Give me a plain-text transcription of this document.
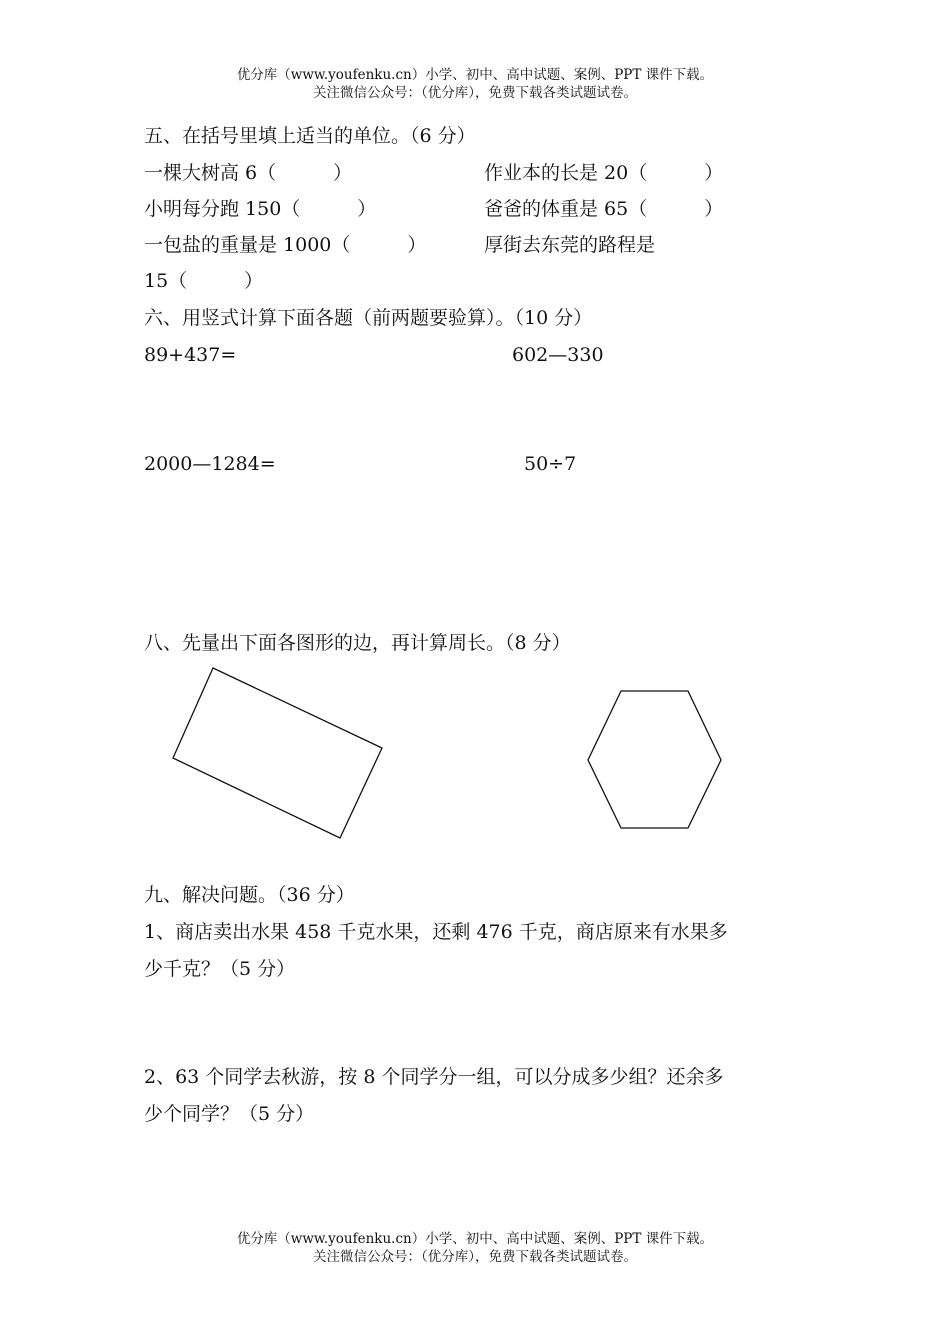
优分库（www.youfenku.cn）小学、初中、高中试题、案例、PPT 课件下载。
关注微信公众号：（优分库），免费下载各类试题试卷。
五、在括号里填上适当的单位。（6 分）
一棵大树高 6（　　　）	作业本的长是 20（　　　）
小明每分跑 150（　　　）	爸爸的体重是 65（　　　）
一包盐的重量是 1000（　　　）	厚街去东莞的路程是
15（　　　）
六、用竖式计算下面各题（前两题要验算）。（10 分）
89+437=	602—330
2000—1284=	50÷7
八、先量出下面各图形的边，再计算周长。（8 分）
九、解决问题。（36 分）
1、商店卖出水果 458 千克水果，还剩 476 千克，商店原来有水果多
少千克？（5 分）
2、63 个同学去秋游，按 8 个同学分一组，可以分成多少组？还余多
少个同学？（5 分）
优分库（www.youfenku.cn）小学、初中、高中试题、案例、PPT 课件下载。
关注微信公众号：（优分库），免费下载各类试题试卷。
